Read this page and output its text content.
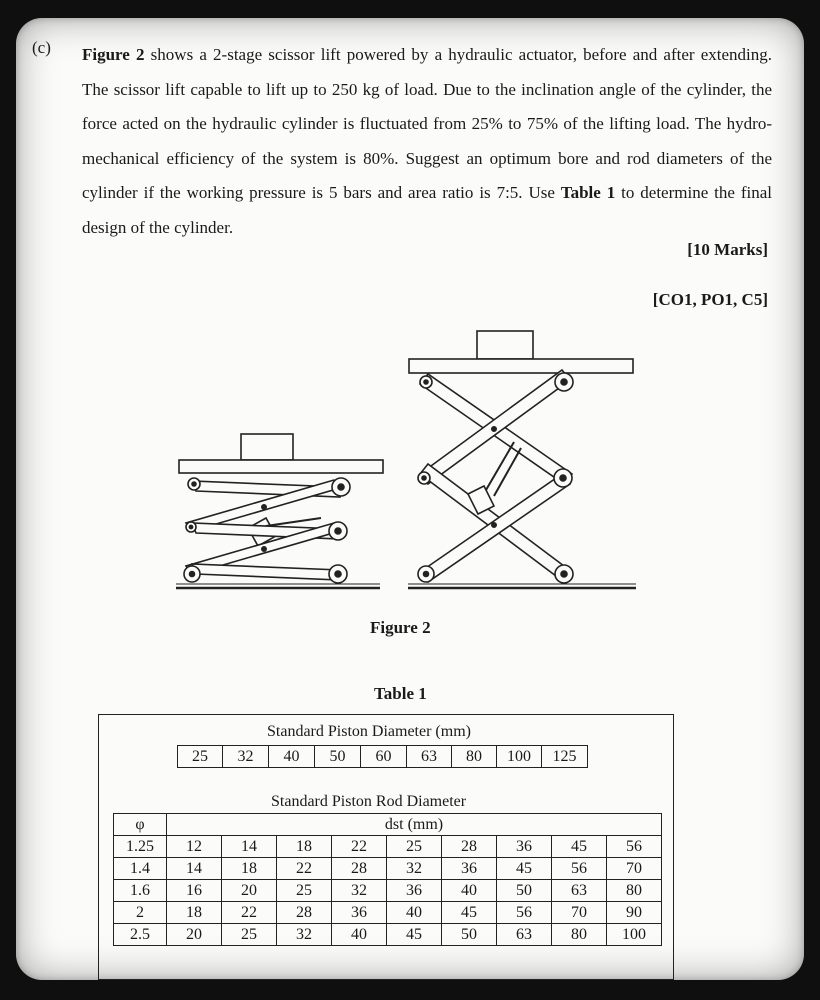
(c) Figure 2 shows a 2-stage scissor lift powered by a hydraulic actuator, before and after extending. The scissor lift capable to lift up to 250 kg of load. Due to the inclination angle of the cylinder, the force acted on the hydraulic cylinder is fluctuated from 25% to 75% of the lifting load. The hydro-mechanical efficiency of the system is 80%. Suggest an optimum bore and rod diameters of the cylinder if the working pressure is 5 bars and area ratio is 7:5. Use Table 1 to determine the final design of the cylinder.
[10 Marks]
[CO1, PO1, C5]
Figure 2
Table 1
Standard Piston Diameter (mm)
25	32	40	50	60	63	80	100	125
Standard Piston Rod Diameter
φ	dst (mm)								
1.25	12	14	18	22	25	28	36	45	56
1.4	14	18	22	28	32	36	45	56	70
1.6	16	20	25	32	36	40	50	63	80
2	18	22	28	36	40	45	56	70	90
2.5	20	25	32	40	45	50	63	80	100
